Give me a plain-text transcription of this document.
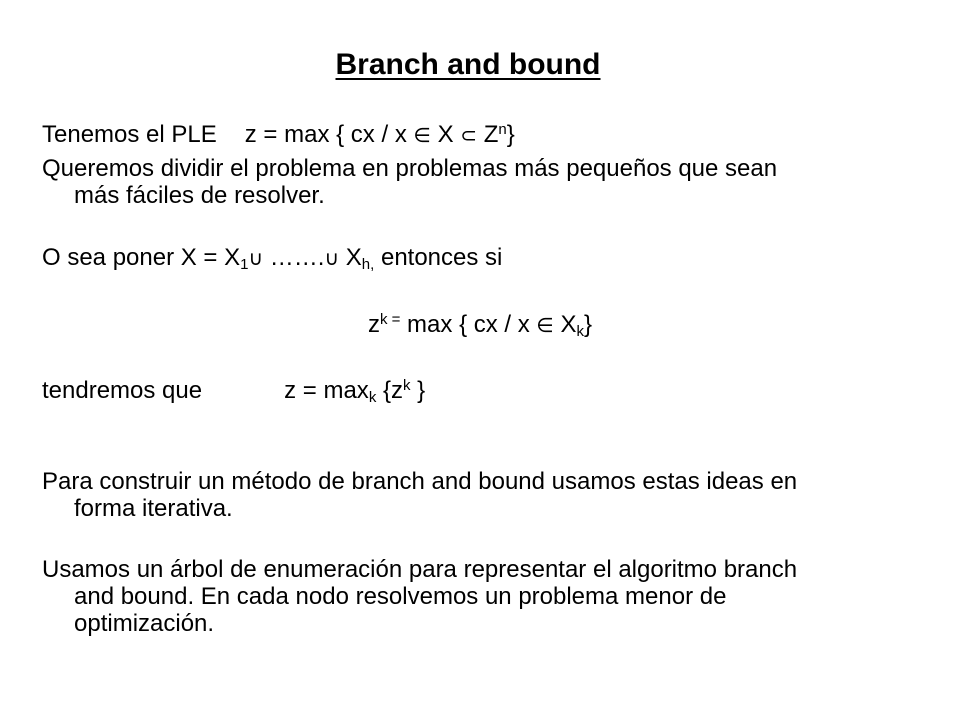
Branch and bound
Tenemos el PLE z = max { cx / x ∈ X ⊂ $Z^n$}
Queremos dividir el problema en problemas más pequeños que sean
más fáciles de resolver.
O sea poner $X = X_1\cup$ …….∪ $X_{h,}$ entonces si
$z^{k =}$ max { cx / x ∈ $X_k$}
tendremos que	$z = \max_k \{z^k$ }
Para construir un método de branch and bound usamos estas ideas en
forma iterativa.
Usamos un árbol de enumeración para representar el algoritmo branch
and bound. En cada nodo resolvemos un problema menor de
optimización.
